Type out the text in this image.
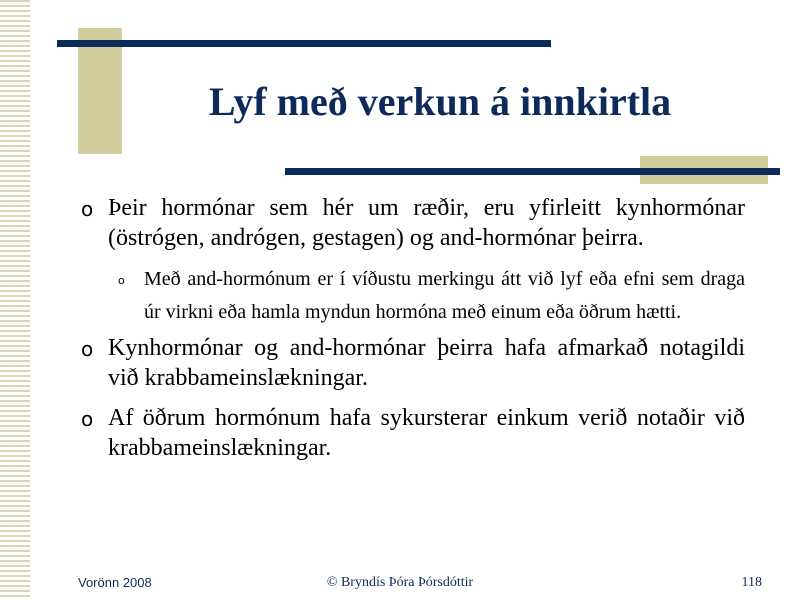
Lyf með verkun á innkirtla
o Þeir hormónar sem hér um ræðir, eru yfirleitt kynhormónar (östrógen, andrógen, gestagen) og and-hormónar þeirra.
o Með and-hormónum er í víðustu merkingu átt við lyf eða efni sem draga úr virkni eða hamla myndun hormóna með einum eða öðrum hætti.
o Kynhormónar og and-hormónar þeirra hafa afmarkað notagildi við krabbameinslækningar.
o Af öðrum hormónum hafa sykursterar einkum verið notaðir við krabbameinslækningar.
Vorönn 2008	© Bryndís Þóra Þórsdóttir	118
